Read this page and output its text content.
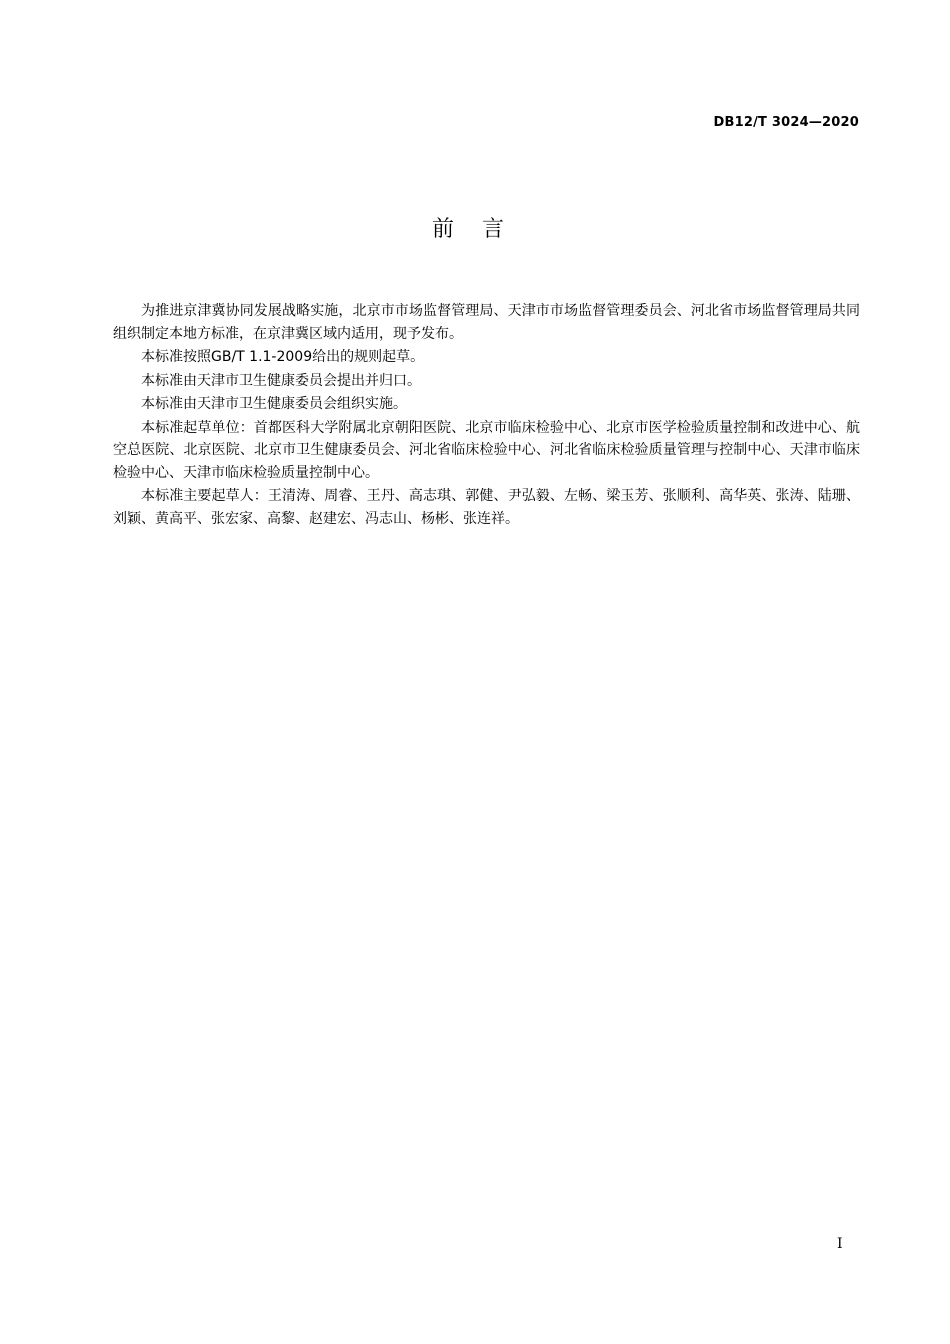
DB12/T 3024—2020
前言

为推进京津冀协同发展战略实施，北京市市场监督管理局、天津市市场监督管理委员会、河北省市场监督管理局共同组织制定本地方标准，在京津冀区域内适用，现予发布。

本标准按照GB/T 1.1-2009给出的规则起草。

本标准由天津市卫生健康委员会提出并归口。

本标准由天津市卫生健康委员会组织实施。

本标准起草单位：首都医科大学附属北京朝阳医院、北京市临床检验中心、北京市医学检验质量控制和改进中心、航空总医院、北京医院、北京市卫生健康委员会、河北省临床检验中心、河北省临床检验质量管理与控制中心、天津市临床检验中心、天津市临床检验质量控制中心。

本标准主要起草人：王清涛、周睿、王丹、高志琪、郭健、尹弘毅、左畅、梁玉芳、张顺利、高华英、张涛、陆珊、刘颖、黄高平、张宏家、高黎、赵建宏、冯志山、杨彬、张连祥。

I
